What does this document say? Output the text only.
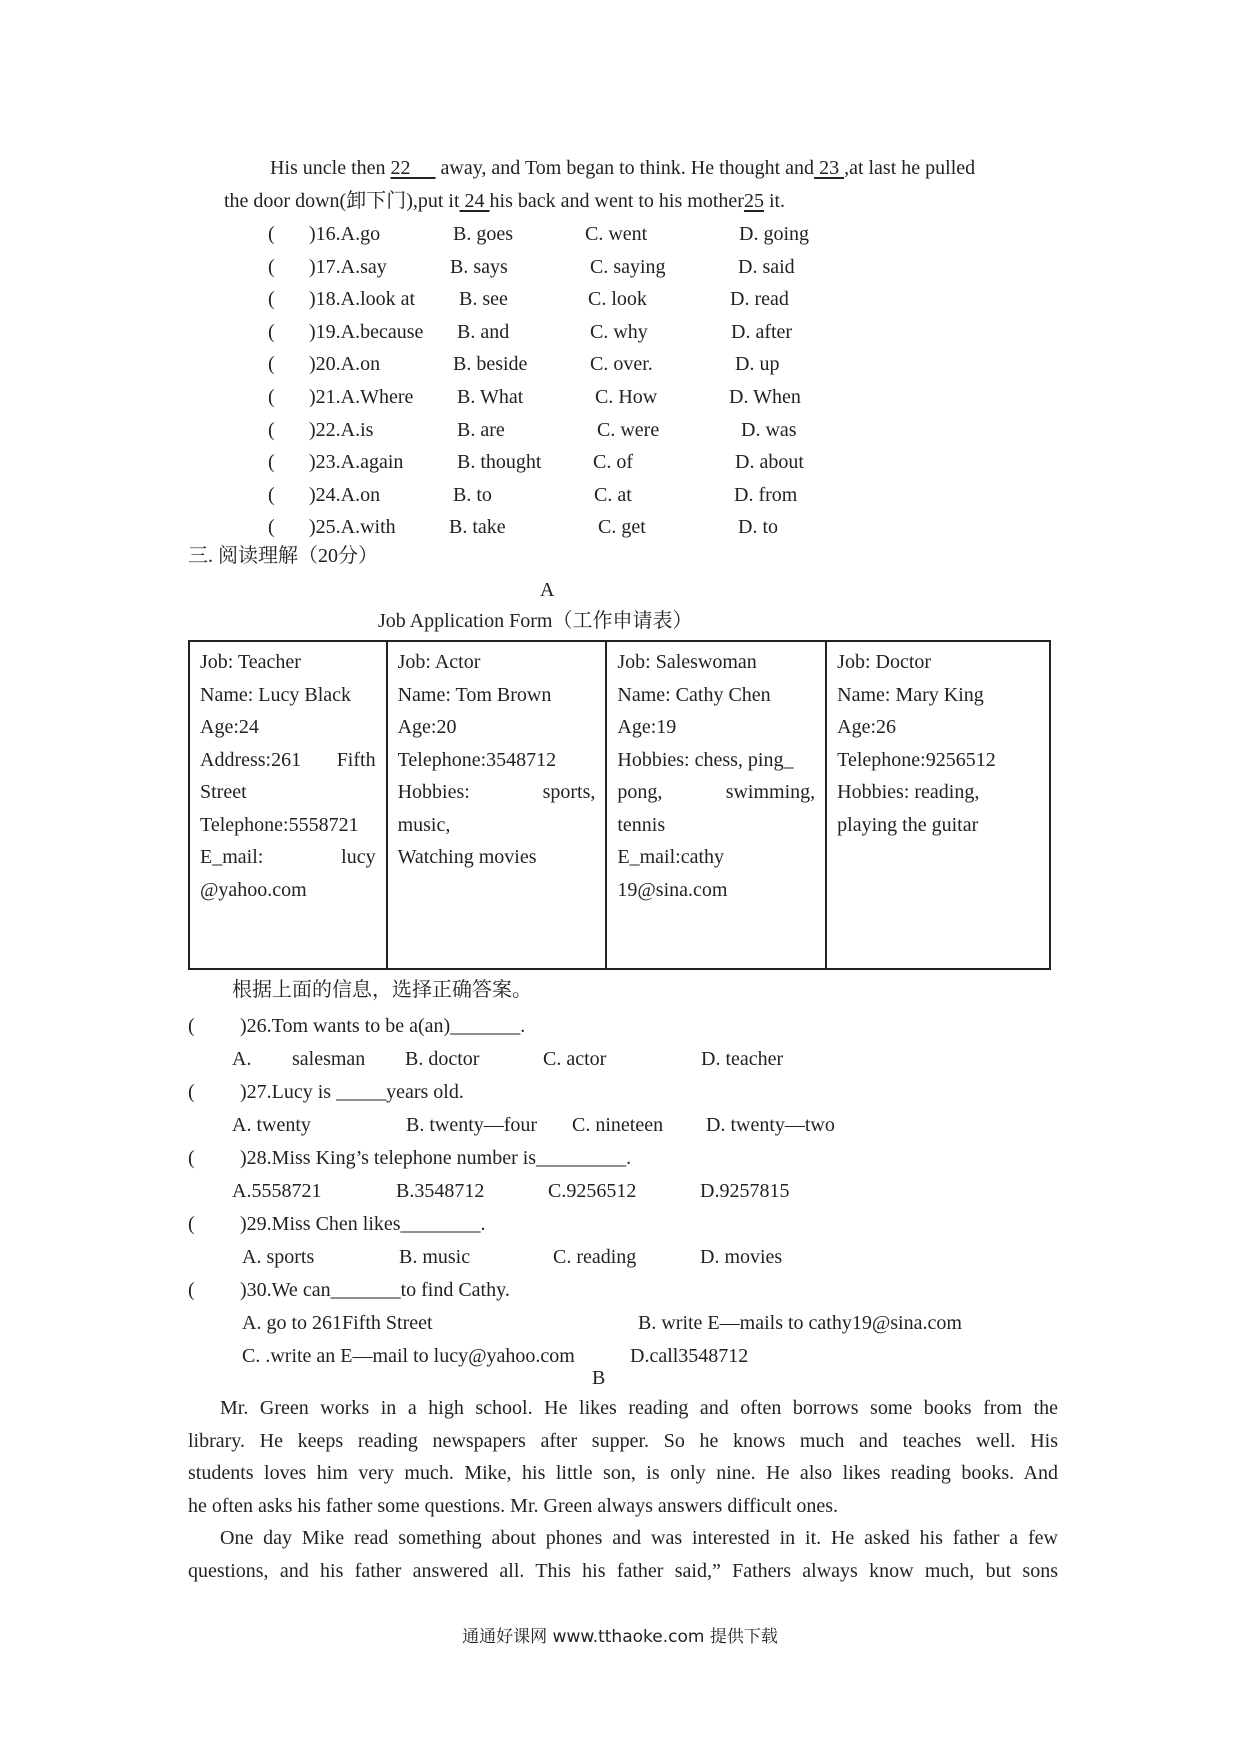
His uncle then 22      away, and Tom began to think. He thought and 23 ,at last he pulled
the door down(卸下门),put it 24 his back and went to his mother25 it.
( )16.A.go	B. goes	C. went	D. going
( )17.A.say	B. says	C. saying	D. said
( )18.A.look at B. see	C. look	D. read
( )19.A.because B. and	C. why	D. after
( )20.A.on	B. beside	C. over.	D. up
( )21.A.Where B. What	C. How	D. When
( )22.A.is	B. are	C. were	D. was
( )23.A.again	B. thought	C. of	D. about
( )24.A.on	B. to	C. at	D. from
( )25.A.with	B. take	C. get	D. to
三. 阅读理解（20分）
A
Job Application Form（工作申请表）
Job: Teacher
Name: Lucy Black
Age:24
Address:261 Fifth
Street
Telephone:5558721
E_mail:	lucy
@yahoo.com

Job: Actor
Name: Tom Brown
Age:20
Telephone:3548712
Hobbies:	sports,
music,
Watching movies

Job: Saleswoman
Name: Cathy Chen
Age:19
Hobbies: chess, ping_
pong,	swimming,
tennis
E_mail:cathy
19@sina.com

Job: Doctor
Name: Mary King
Age:26
Telephone:9256512
Hobbies: reading,
playing the guitar
根据上面的信息，选择正确答案。
( )26.Tom wants to be a(an)_______.
A. salesman B. doctor	C. actor	D. teacher
( )27.Lucy is _____years old.
A. twenty	B. twenty—four C. nineteen D. twenty—two
( )28.Miss King’s telephone number is_________.
A.5558721	B.3548712	C.9256512	D.9257815
( )29.Miss Chen likes________.
A. sports	B. music	C. reading	D. movies
( )30.We can_______to find Cathy.
A. go to 261Fifth Street	B. write E—mails to cathy19@sina.com
C. .write an E—mail to lucy@yahoo.com	D.call3548712
B
Mr. Green works in a high school. He likes reading and often borrows some books from the
library. He keeps reading newspapers after supper. So he knows much and teaches well. His
students loves him very much. Mike, his little son, is only nine. He also likes reading books. And
he often asks his father some questions. Mr. Green always answers difficult ones.
One day Mike read something about phones and was interested in it. He asked his father a few
questions, and his father answered all. This his father said,” Fathers always know much, but sons
通通好课网 www.tthaoke.com 提供下载
